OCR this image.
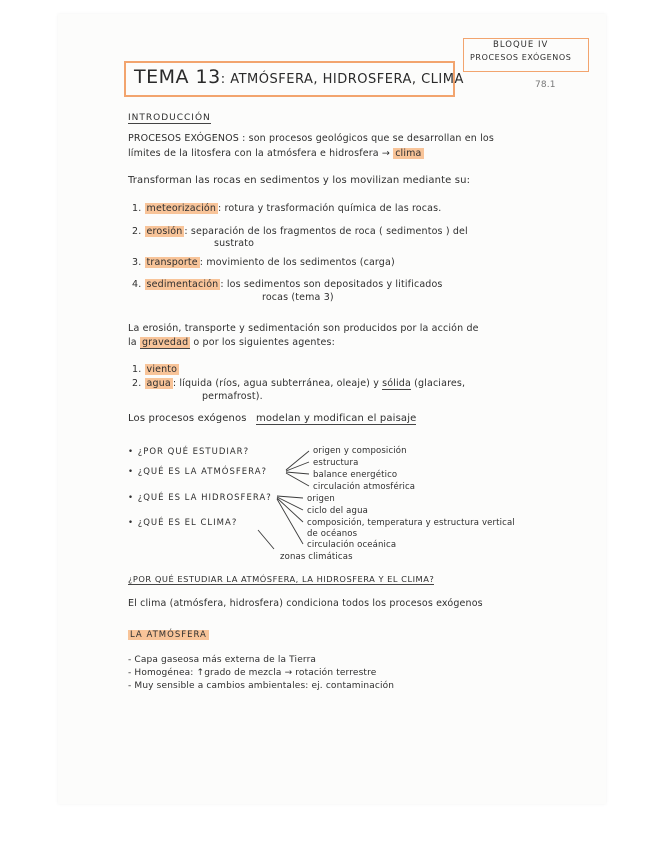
BLOQUE IV
PROCESOS EXÓGENOS
78.1
TEMA 13: ATMÓSFERA, HIDROSFERA, CLIMA
INTRODUCCIÓN
PROCESOS EXÓGENOS : son procesos geológicos que se desarrollan en los
límites de la litosfera con la atmósfera e hidrosfera → clima
Transforman las rocas en sedimentos y los movilizan mediante su:
1. meteorización : rotura y trasformación química de las rocas.
2. erosión : separación de los fragmentos de roca ( sedimentos ) del
sustrato
3. transporte : movimiento de los sedimentos (carga)
4. sedimentación : los sedimentos son depositados y litificados
rocas (tema 3)
La erosión, transporte y sedimentación son producidos por la acción de
la gravedad o por los siguientes agentes:
1. viento
2. agua : líquida (ríos, agua subterránea, oleaje) y sólida (glaciares,
permafrost).
Los procesos exógenos modelan y modifican el paisaje
• ¿POR QUÉ ESTUDIAR?
• ¿QUÉ ES LA ATMÓSFERA?
• ¿QUÉ ES LA HIDROSFERA?
• ¿QUÉ ES EL CLIMA?
origen y composición
estructura
balance energético
circulación atmosférica
origen
ciclo del agua
composición, temperatura y estructura vertical
de océanos
circulación oceánica
zonas climáticas
¿POR QUÉ ESTUDIAR LA ATMÓSFERA, LA HIDROSFERA Y EL CLIMA?
El clima (atmósfera, hidrosfera) condiciona todos los procesos exógenos
LA ATMÓSFERA
- Capa gaseosa más externa de la Tierra
- Homogénea: ↑grado de mezcla → rotación terrestre
- Muy sensible a cambios ambientales: ej. contaminación
